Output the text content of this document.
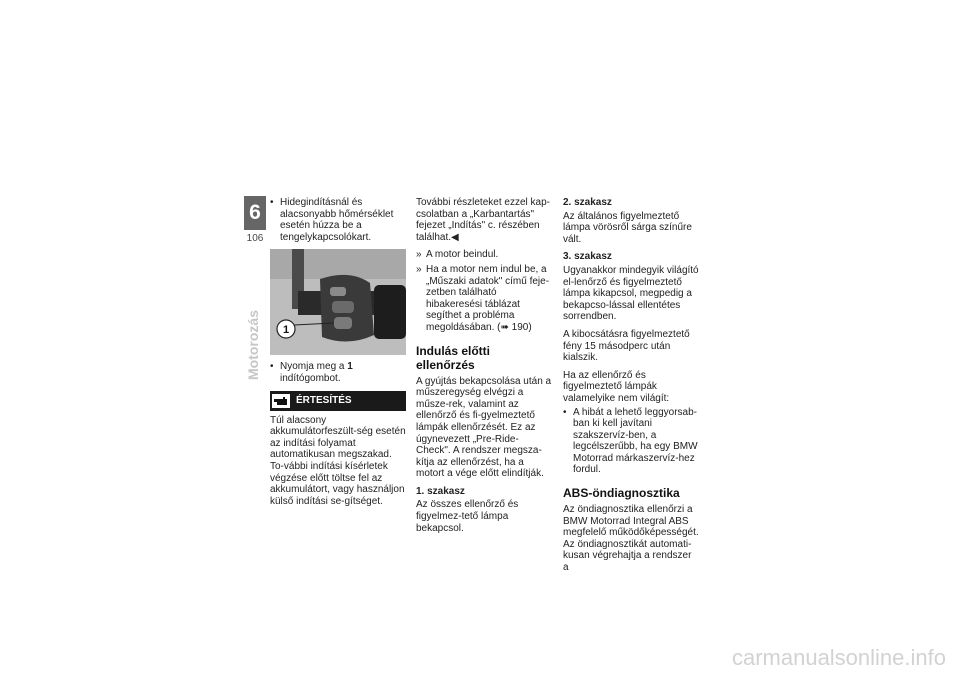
6
106
Motorozás
• Hidegindításnál és alacsonyabb hőmérséklet esetén húzza be a tengelykapcsolókart.
1
• Nyomja meg a 1 indítógombot.
ÉRTESÍTÉS

Túl alacsony akkumulátorfeszült-ség esetén az indítási folyamat automatikusan megszakad. To-vábbi indítási kísérletek végzése előtt töltse fel az akkumulátort, vagy használjon külső indítási se-gítséget.

További részleteket ezzel kap-csolatban a „Karbantartás" fejezet „Indítás" c. részében találhat.◀

» A motor beindul.
» Ha a motor nem indul be, a „Műszaki adatok" című feje-zetben található hibakeresési táblázat segíthet a probléma megoldásában. (➠ 190)
Indulás előtti ellenőrzés

A gyújtás bekapcsolása után a műszeregység elvégzi a műsze-rek, valamint az ellenőrző és fi-gyelmeztető lámpák ellenőrzését. Ez az úgynevezett „Pre-Ride-Check". A rendszer megsza-kítja az ellenőrzést, ha a motort a vége előtt elindítják.

1. szakasz

Az összes ellenőrző és figyelmez-tető lámpa bekapcsol.

2. szakasz

Az általános figyelmeztető lámpa vörösről sárga színűre vált.

3. szakasz

Ugyanakkor mindegyik világító el-lenőrző és figyelmeztető lámpa kikapcsol, megpedig a bekapcso-lással ellentétes sorrendben.

A kibocsátásra figyelmeztető fény 15 másodperc után kialszik.

Ha az ellenőrző és figyelmeztető lámpák valamelyike nem világít:

• A hibát a lehető leggyorsab-ban ki kell javítani szakszervíz-ben, a legcélszerűbb, ha egy BMW Motorrad márkaszervíz-hez fordul.
ABS-öndiagnosztika

Az öndiagnosztika ellenőrzi a BMW Motorrad Integral ABS megfelelő működőképességét. Az öndiagnosztikát automati-kusan végrehajtja a rendszer a

carmanualsonline.info
